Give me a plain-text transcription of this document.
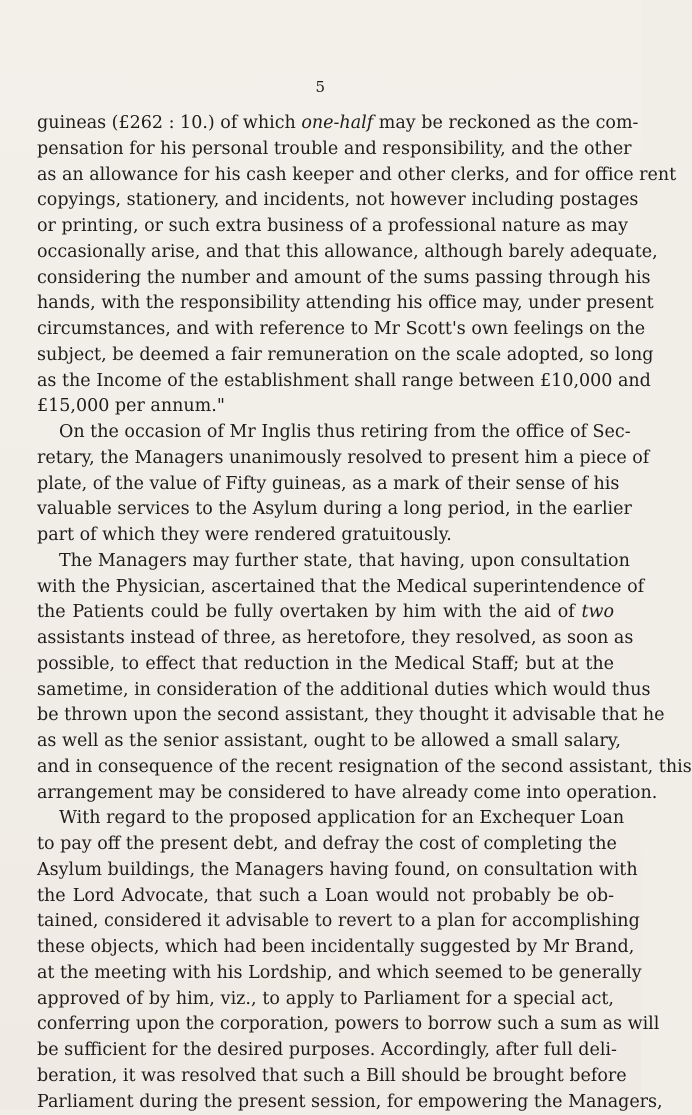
5
guineas (£262 : 10.) of which one-half may be reckoned as the com-
pensation for his personal trouble and responsibility, and the other
as an allowance for his cash keeper and other clerks, and for office rent
copyings, stationery, and incidents, not however including postages
or printing, or such extra business of a professional nature as may
occasionally arise, and that this allowance, although barely adequate,
considering the number and amount of the sums passing through his
hands, with the responsibility attending his office may, under present
circumstances, and with reference to Mr Scott's own feelings on the
subject, be deemed a fair remuneration on the scale adopted, so long
as the Income of the establishment shall range between £10,000 and
£15,000 per annum."
On the occasion of Mr Inglis thus retiring from the office of Sec-
retary, the Managers unanimously resolved to present him a piece of
plate, of the value of Fifty guineas, as a mark of their sense of his
valuable services to the Asylum during a long period, in the earlier
part of which they were rendered gratuitously.
The Managers may further state, that having, upon consultation
with the Physician, ascertained that the Medical superintendence of
the Patients could be fully overtaken by him with the aid of two
assistants instead of three, as heretofore, they resolved, as soon as
possible, to effect that reduction in the Medical Staff; but at the
sametime, in consideration of the additional duties which would thus
be thrown upon the second assistant, they thought it advisable that he
as well as the senior assistant, ought to be allowed a small salary,
and in consequence of the recent resignation of the second assistant, this
arrangement may be considered to have already come into operation.
With regard to the proposed application for an Exchequer Loan
to pay off the present debt, and defray the cost of completing the
Asylum buildings, the Managers having found, on consultation with
the Lord Advocate, that such a Loan would not probably be ob-
tained, considered it advisable to revert to a plan for accomplishing
these objects, which had been incidentally suggested by Mr Brand,
at the meeting with his Lordship, and which seemed to be generally
approved of by him, viz., to apply to Parliament for a special act,
conferring upon the corporation, powers to borrow such a sum as will
be sufficient for the desired purposes. Accordingly, after full deli-
beration, it was resolved that such a Bill should be brought before
Parliament during the present session, for empowering the Managers,
